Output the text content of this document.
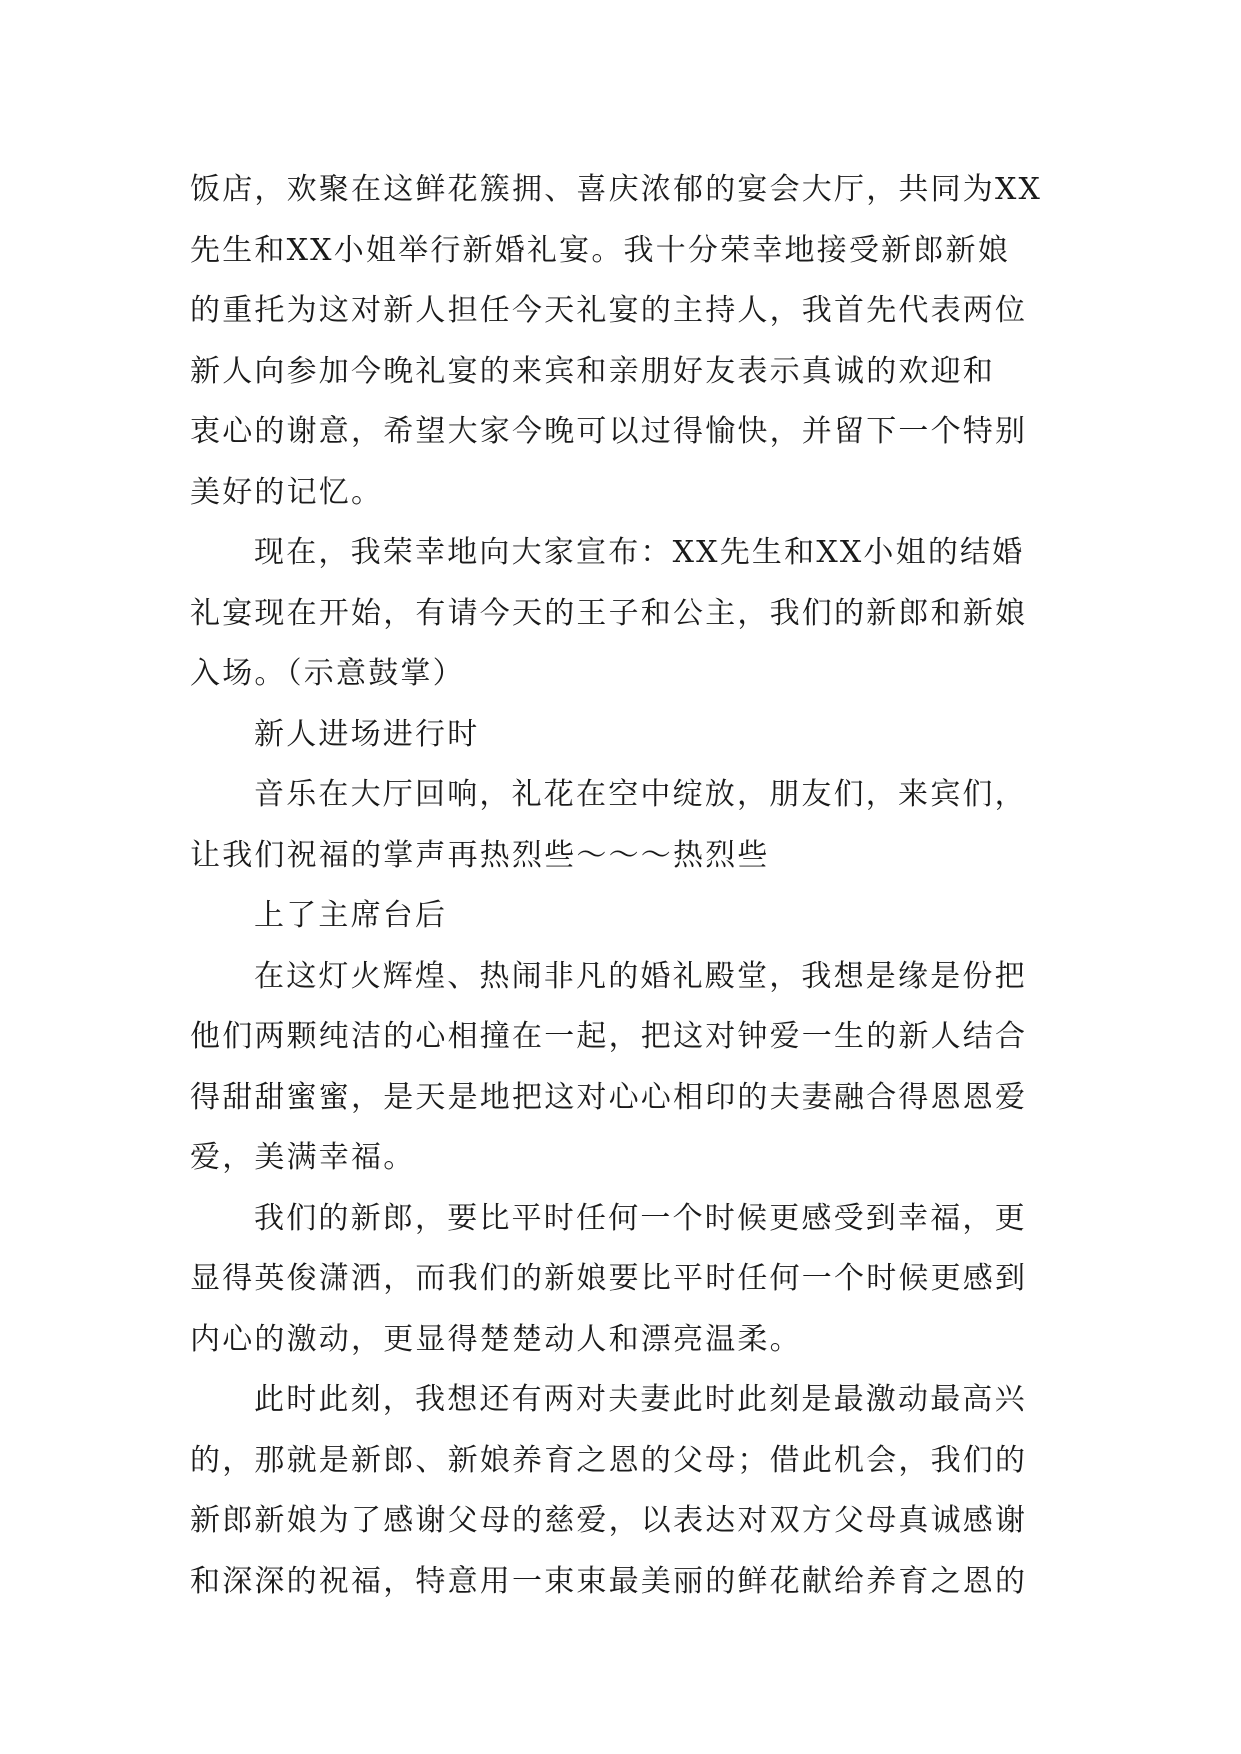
饭店，欢聚在这鲜花簇拥、喜庆浓郁的宴会大厅，共同为XX
先生和XX小姐举行新婚礼宴。我十分荣幸地接受新郎新娘
的重托为这对新人担任今天礼宴的主持人，我首先代表两位
新人向参加今晚礼宴的来宾和亲朋好友表示真诚的欢迎和
衷心的谢意，希望大家今晚可以过得愉快，并留下一个特别
美好的记忆。

现在，我荣幸地向大家宣布：XX先生和XX小姐的结婚
礼宴现在开始，有请今天的王子和公主，我们的新郎和新娘
入场。（示意鼓掌）

新人进场进行时

音乐在大厅回响，礼花在空中绽放，朋友们，来宾们，
让我们祝福的掌声再热烈些～～～热烈些

上了主席台后

在这灯火辉煌、热闹非凡的婚礼殿堂，我想是缘是份把
他们两颗纯洁的心相撞在一起，把这对钟爱一生的新人结合
得甜甜蜜蜜，是天是地把这对心心相印的夫妻融合得恩恩爱
爱，美满幸福。

我们的新郎，要比平时任何一个时候更感受到幸福，更
显得英俊潇洒，而我们的新娘要比平时任何一个时候更感到
内心的激动，更显得楚楚动人和漂亮温柔。

此时此刻，我想还有两对夫妻此时此刻是最激动最高兴
的，那就是新郎、新娘养育之恩的父母；借此机会，我们的
新郎新娘为了感谢父母的慈爱，以表达对双方父母真诚感谢
和深深的祝福，特意用一束束最美丽的鲜花献给养育之恩的
